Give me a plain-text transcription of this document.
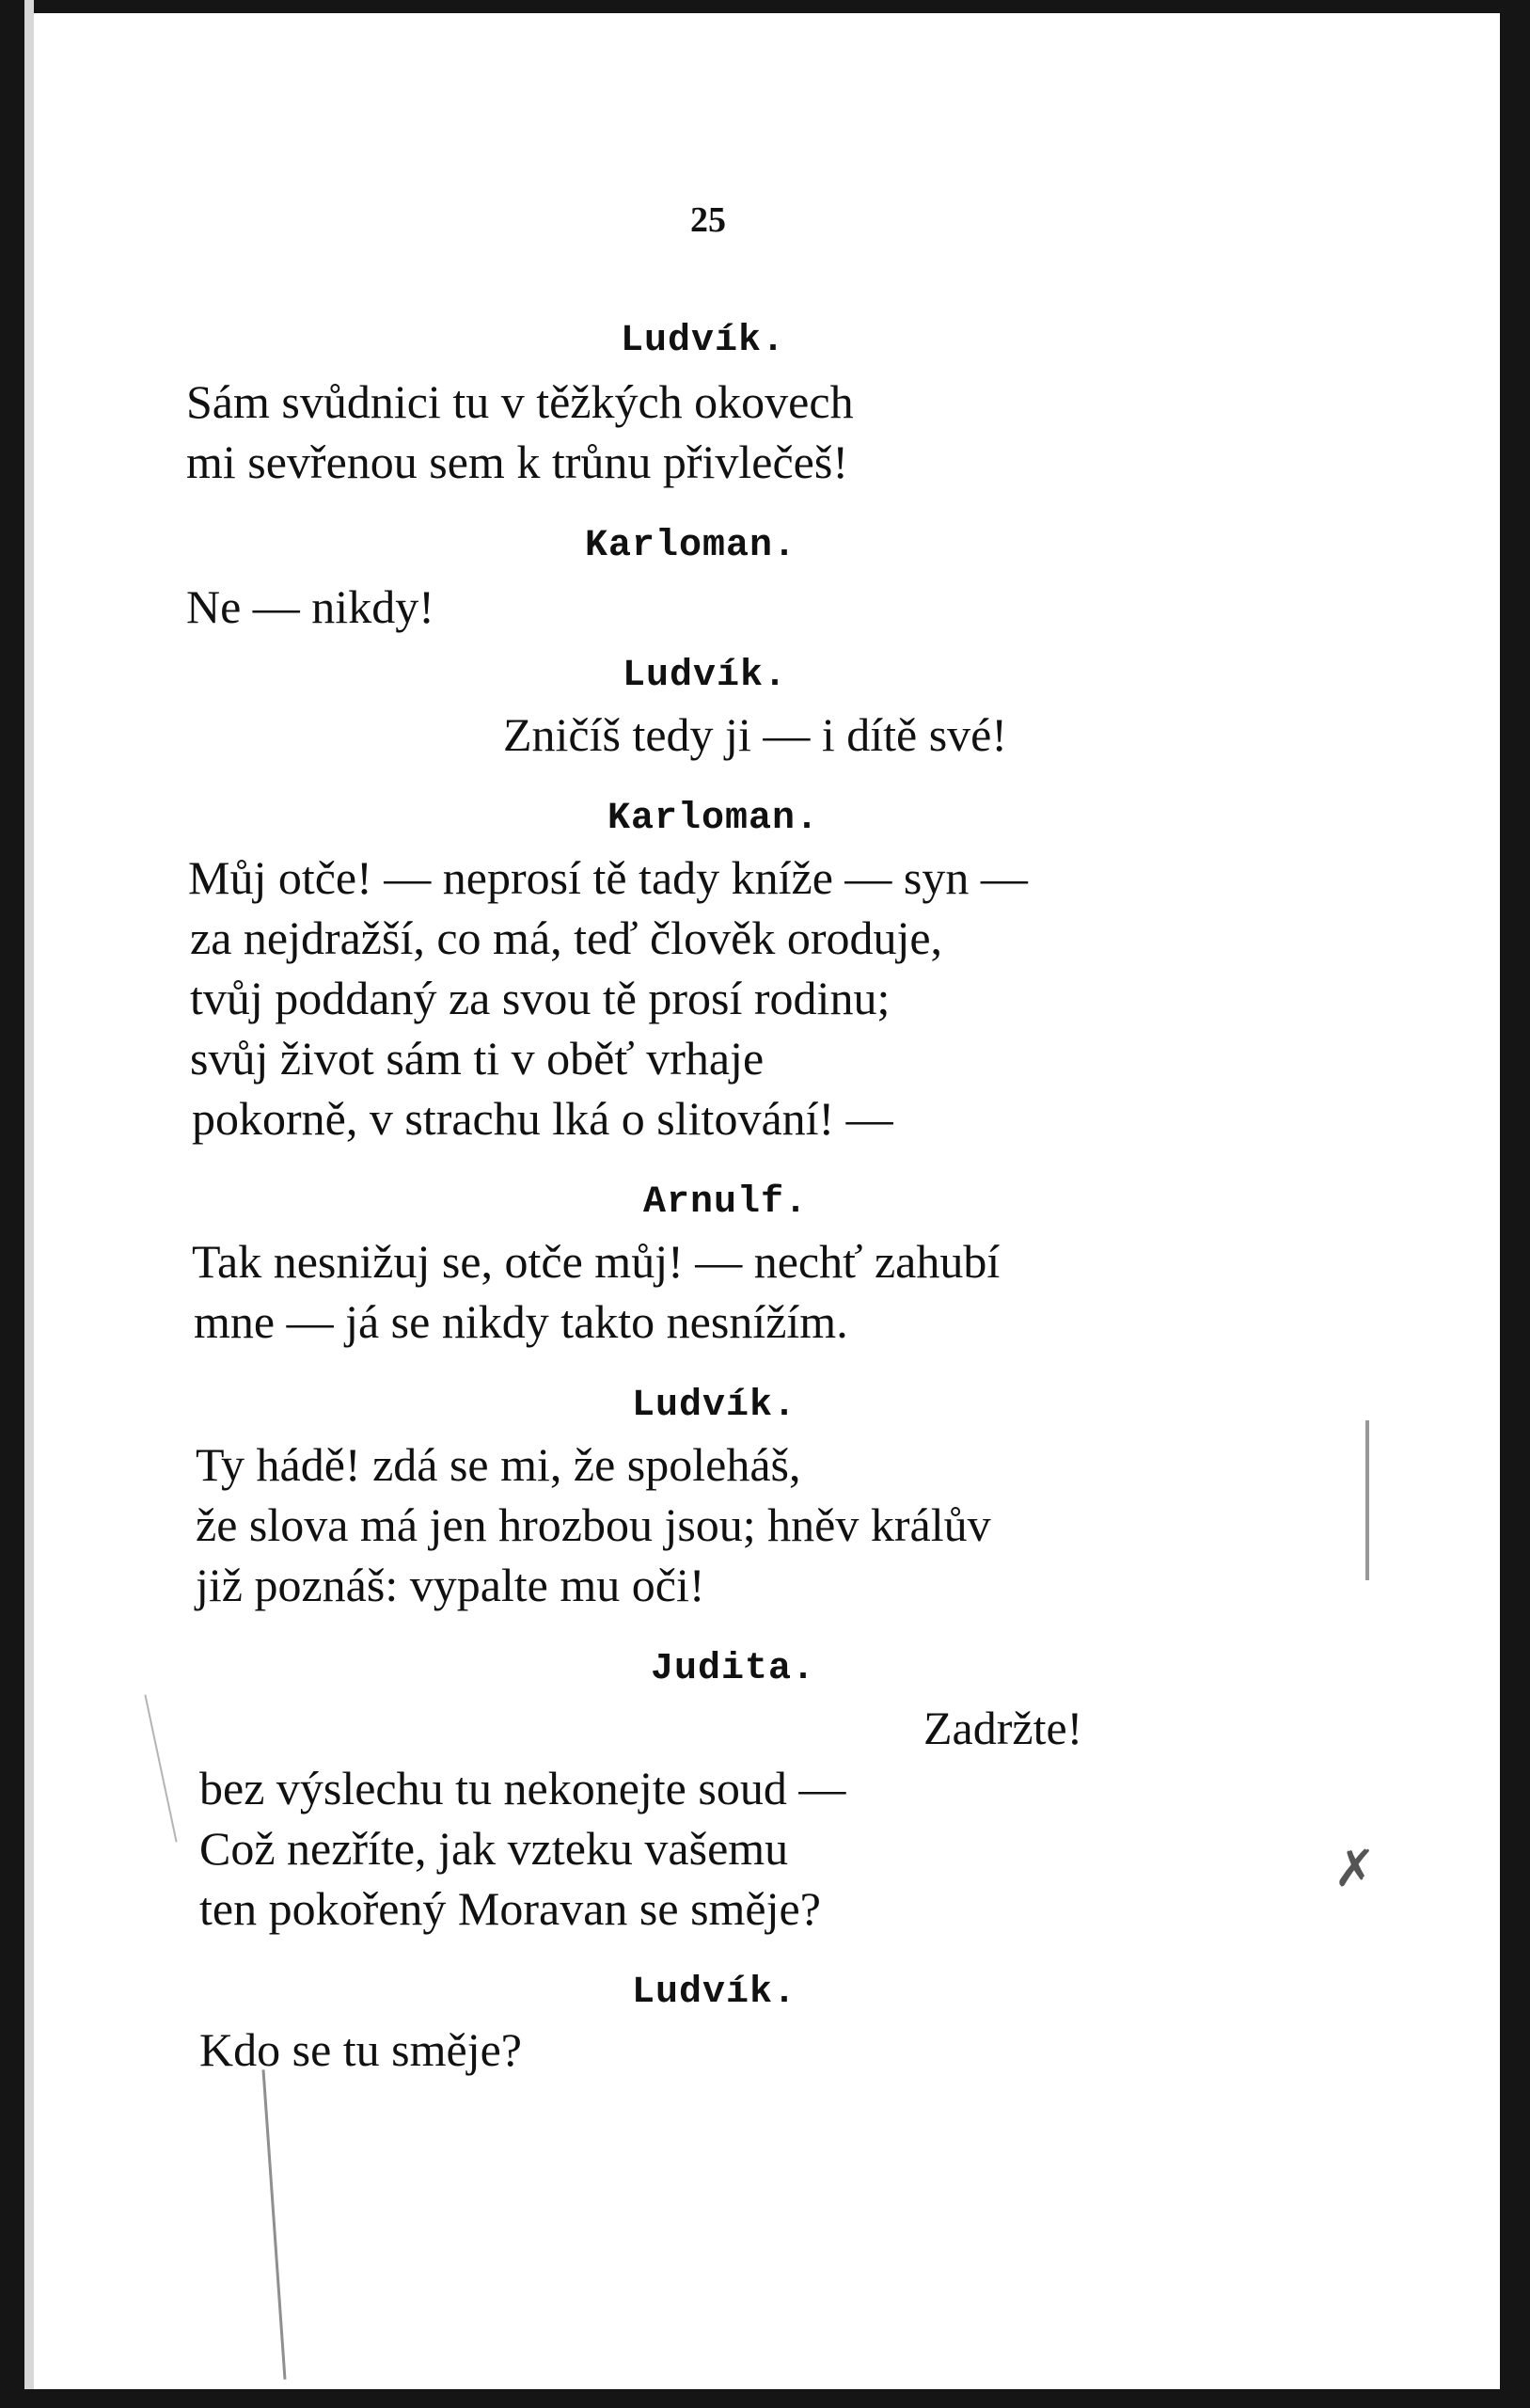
25
Ludvík.
Sám svůdnici tu v těžkých okovech
mi sevřenou sem k trůnu přivlečeš!
Karloman.
Ne — nikdy!
Ludvík.
Zničíš tedy ji — i dítě své!
Karloman.
Můj otče! — neprosí tě tady kníže — syn —
za nejdražší, co má, teď člověk oroduje,
tvůj poddaný za svou tě prosí rodinu;
svůj život sám ti v oběť vrhaje
pokorně, v strachu lká o slitování! —
Arnulf.
Tak nesnižuj se, otče můj! — nechť zahubí
mne — já se nikdy takto nesnížím.
Ludvík.
Ty hádě! zdá se mi, že spoleháš,
že slova má jen hrozbou jsou; hněv králův
již poznáš: vypalte mu oči!
Judita.
Zadržte!
bez výslechu tu nekonejte soud —
Což nezříte, jak vzteku vašemu
ten pokořený Moravan se směje?
Ludvík.
Kdo se tu směje?
✗
